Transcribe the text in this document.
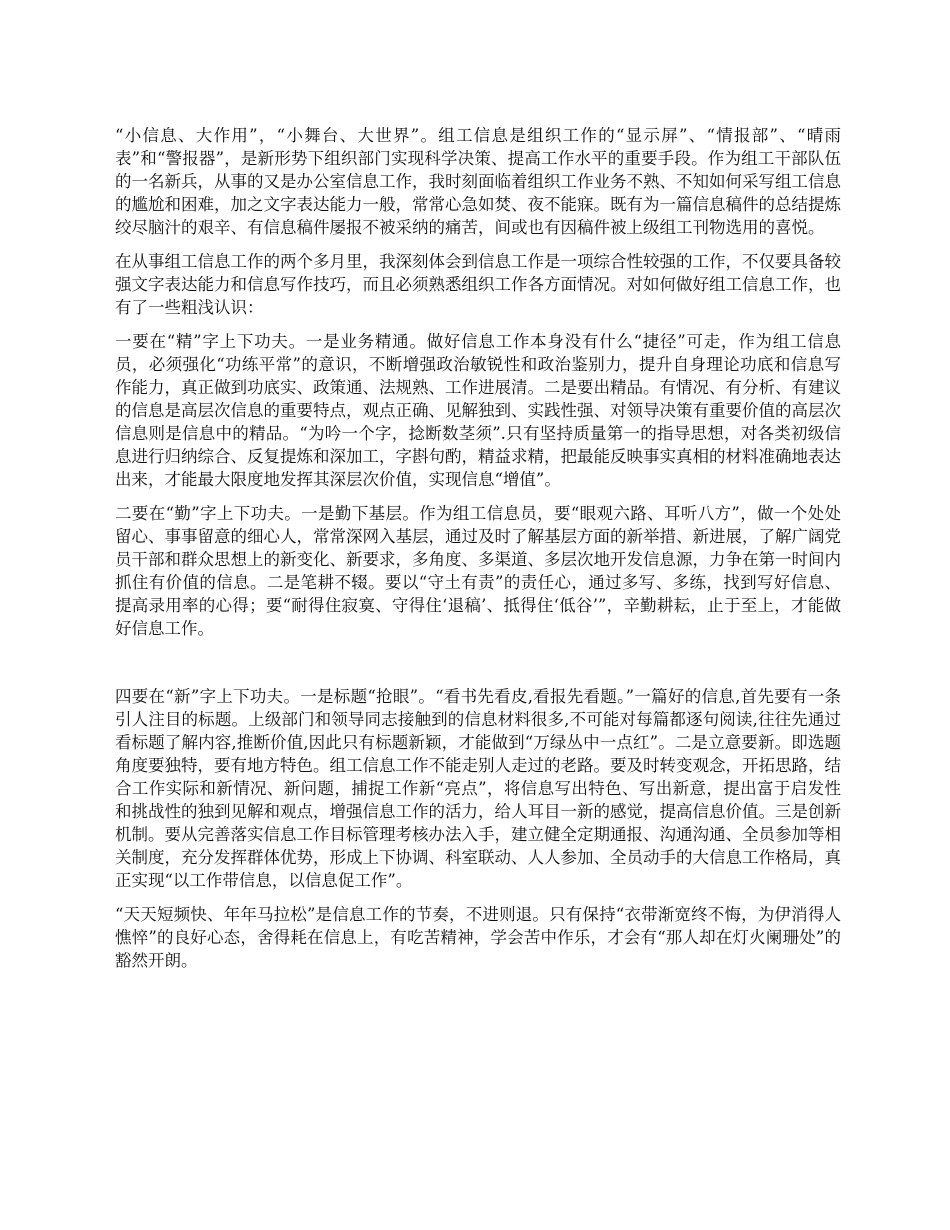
“小信息、大作用”，“小舞台、大世界”。组工信息是组织工作的“显示屏”、“情报部”、“晴雨表”和“警报器”，是新形势下组织部门实现科学决策、提高工作水平的重要手段。作为组工干部队伍的一名新兵，从事的又是办公室信息工作，我时刻面临着组织工作业务不熟、不知如何采写组工信息的尴尬和困难，加之文字表达能力一般，常常心急如焚、夜不能寐。既有为一篇信息稿件的总结提炼绞尽脑汁的艰辛、有信息稿件屡报不被采纳的痛苦，间或也有因稿件被上级组工刊物选用的喜悦。

在从事组工信息工作的两个多月里，我深刻体会到信息工作是一项综合性较强的工作，不仅要具备较强文字表达能力和信息写作技巧，而且必须熟悉组织工作各方面情况。对如何做好组工信息工作，也有了一些粗浅认识：

一要在“精”字上下功夫。一是业务精通。做好信息工作本身没有什么“捷径”可走，作为组工信息员，必须强化“功练平常”的意识，不断增强政治敏锐性和政治鉴别力，提升自身理论功底和信息写作能力，真正做到功底实、政策通、法规熟、工作进展清。二是要出精品。有情况、有分析、有建议的信息是高层次信息的重要特点，观点正确、见解独到、实践性强、对领导决策有重要价值的高层次信息则是信息中的精品。“为吟一个字，捻断数茎须”.只有坚持质量第一的指导思想，对各类初级信息进行归纳综合、反复提炼和深加工，字斟句酌，精益求精，把最能反映事实真相的材料准确地表达出来，才能最大限度地发挥其深层次价值，实现信息“增值”。

二要在“勤”字上下功夫。一是勤下基层。作为组工信息员，要“眼观六路、耳听八方”，做一个处处留心、事事留意的细心人，常常深网入基层，通过及时了解基层方面的新举措、新进展，了解广阔党员干部和群众思想上的新变化、新要求，多角度、多渠道、多层次地开发信息源，力争在第一时间内抓住有价值的信息。二是笔耕不辍。要以“守土有责”的责任心，通过多写、多练，找到写好信息、提高录用率的心得；要“耐得住寂寞、守得住‘退稿’、抵得住‘低谷’”，辛勤耕耘，止于至上，才能做好信息工作。

四要在“新”字上下功夫。一是标题“抢眼”。“看书先看皮,看报先看题。”一篇好的信息,首先要有一条引人注目的标题。上级部门和领导同志接触到的信息材料很多,不可能对每篇都逐句阅读,往往先通过看标题了解内容,推断价值,因此只有标题新颖，才能做到“万绿丛中一点红”。二是立意要新。即选题角度要独特，要有地方特色。组工信息工作不能走别人走过的老路。要及时转变观念，开拓思路，结合工作实际和新情况、新问题，捕捉工作新“亮点”，将信息写出特色、写出新意，提出富于启发性和挑战性的独到见解和观点，增强信息工作的活力，给人耳目一新的感觉，提高信息价值。三是创新机制。要从完善落实信息工作目标管理考核办法入手，建立健全定期通报、沟通沟通、全员参加等相关制度，充分发挥群体优势，形成上下协调、科室联动、人人参加、全员动手的大信息工作格局，真正实现“以工作带信息，以信息促工作”。

“天天短频快、年年马拉松”是信息工作的节奏，不进则退。只有保持“衣带渐宽终不悔，为伊消得人憔悴”的良好心态，舍得耗在信息上，有吃苦精神，学会苦中作乐，才会有“那人却在灯火阑珊处”的豁然开朗。
